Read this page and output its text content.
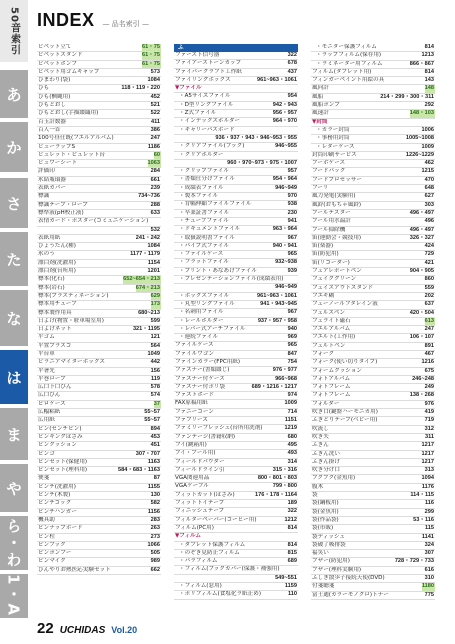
50音索引
あ
か
さ
た
な
は
ま
や
ら・わ
1・A
INDEX — 品名索引 —
ビペット立て	61・75
ビペットスタンド	61・75
ビペットボンブ	61・75
ビペット用ゴムキャップ	573
ひまわり(袋)	1084
ひも	118・119・220
ひも(梱縄用)	452
ひもとおし	521
ひもとおし(手描綴織用)	522
百玉計数器	411
百人一首	386
100号昼仕既(フエルアルバム)	247
ビューラップS	1186
ビュレット・ビュレット台	60
ビュワーシート	1063
評価印	284
氷結瓶環器	661
表紙カバー	239
標識	734~736
標識テープ・ロープ	288
標準液(pH校正液)	633
表情カード・ポスター(コミュニケーション)
532
表紙用紙	241・242
ひょうたん(種)	1084
氷のう	1177・1179
漂白剤(洗濯用)	1154
漂白剤(台所用)	1201
標本(化石)	652~654・213
標本(岩石)	674・213
標本(プラスティネーション)	629
標本用チューブ	173
標本製作用具	680~213
日よけ(物置・駐車場室用)	599
日よけネット	321・1195
平ゴム	121
平置プラスコ	564
平台車	1049
ビラニアマイターボックス	442
平箸先	156
平巻ロープ	119
広口下口びん	578
広口びん	574
ピロケース	37
広幅粘紙	55~57
広用紙	55~57
ピン(センチピン)	894
ピンキングはさみ	453
ピンクッション	451
ピンゴ	307・707
ピンセット(保健用)	1163
ピンセット(理科用)	584・683・1163
便箋	87
ピンチ(洗濯用)	1155
ピンチ(木製)	130
ピンチコック	582
ピンチハンガー	1156
機具助	283
ピンナップボード	263
ピン柱	273
ピンブック	1066
ピンポンブー	505
ピンマイク	989
ひんやりお熱医応実験セット	662
ふ
ファースト信号器	322
ファイアーストーンカップ	678
ファイバークラフト工作紙	437
ファイリングボックス	961~963・1061
▼ファイル
・A5サイズファイル	954
・D型リングファイル	942・943
・Z式ファイル	956・957
・インデックスホルダー	964・970
・キャリーパスボード
936・937・943・946~953・955
・クリアファイル(ブック)	946~955
・クリアホルダー
960・970~973・975・1007
・クリップファイル	957
・書類仕分けファイル	954・964
・成績表ファイル	946~949
・製本ファイル	970
・背幅伸縮ファイルファイル	938
・卒業証書ファイル	230
・チューブファイル	941
・ドキュメントファイル	963・964
・取扱説明書ファイル	967
・パイプ式ファイル	940・941
・ファイルケース	965
・フラットファイル	932~938
・プリント・あなあけファイル	939
・プレゼンテーションファイル(成績表用)
946~949
・ボックスファイル	961~963・1061
・丸型リングファイル	941・943~945
・名刺用ファイル	967
・レールホルダー	937・957・958
・レバー式アーチファイル	940
・連続ファイル	969
ファイルケース	965
ファイルワゴン	847
ファインカラー(FPC用紙)	754
ファスナー(書類綴じ)	976・977
ファスナー付ケース	966~968
ファスナー付ポリ袋	689・1216・1217
ファストボード	974
FAX原稿用紙	1009
ファニーコーン	714
ファブリーズ	1151
ファミリーフレッシュ(台所用洗剤)	1219
ファンテージ(書籍収納)	680
フイ(跳箱用)	495
ブイ・ブール用)	493
フィールドバウダー	314
フィールドライン引	315・316
VGA関連用品	800・801・803
VGAケーブル	799・800
フィットカット(はさみ)	176・178・1164
フィットトイテープ	189
フィニッシュテープ	322
フィルターペーパー(コーヒー用)	1212
フィルム(PC用)	814
▼フィルム
・ダブレット保護フィルム	814
・のぞき見防止フィルム	815
・パラフィルム	689
・フィルム(ブックカバー(保護・補強用)
549~551
・フィルム(窓用)	1159
・ポリフィルム(食塩化ラ紙止め)	110
・モニター保護フィルム	814
・ラップフィルム(保存用)	1213
・ラミネーター用フィルム	866・867
フィルム(タブレット用)	814
フィンガーペイント用絵の具	143
風向計	148
風船	214・299・300・311
風船ポンプ	292
風速計	148・103
▼封筒
・カラー封筒	1006
・事務用封筒	1005~1008
・レターケース	1009
封筒印刷サービス	1226~1229
ブーボケース	462
フードパック	1215
フードプロセッサー	470
フーリ	648
風力発電(実験用)	627
風鈴(おもちゃ風鈴)	303
ブールテスター	496・497
ブール用水温計	496
ブール掃除機	496・497
笛(運動会・競技用)	326・327
笛(楽器)	424
笛(防犯用)	729
笛(リコーダー)	421
フェアレポートペン	904・905
フェイクグリーン	860
フェイスアウトスタンド	559
フエキ糊	202
フェーノールフタレイン液	637
フェルスペン	420・504
フェライト磁石	613
フエルアルバム	247
フエルト(工作用)	106・107
フェルトペン	891
フォーク	467
フォーク(使い切りタイプ)	1216
フォームクッション	675
フォトアルバム	246~248
フォトフレーム	249
フォトフレーム	138・268
フォルダー	976
吹き口(鍵盤ハーモニカ用)	419
ふきとりテープ(ベビー用)	719
吹流し	312
吹き矢	311
ふきん	1217
ふきん洗い	1217
ふきん掛け	1217
吹き分け口	313
ブクブク(金魚用)	1094
腹木	1176
袋	114・115
袋(鋼板用)	116
袋(金魚用)	299
袋(作品袋)	53・116
袋(市販)	115
袋ディッシュ	1141
袋破了吸排袋	324
福笑い	307
ブザー(防犯用)	728・729・733
ブザー(理科実験用)	616
ふしぎ散歩子接続天使(DVD)	310
付箋聴箋	1180
富士通(カラーモノクロ)トナー	775
22 UCHIDAS Vol.20
